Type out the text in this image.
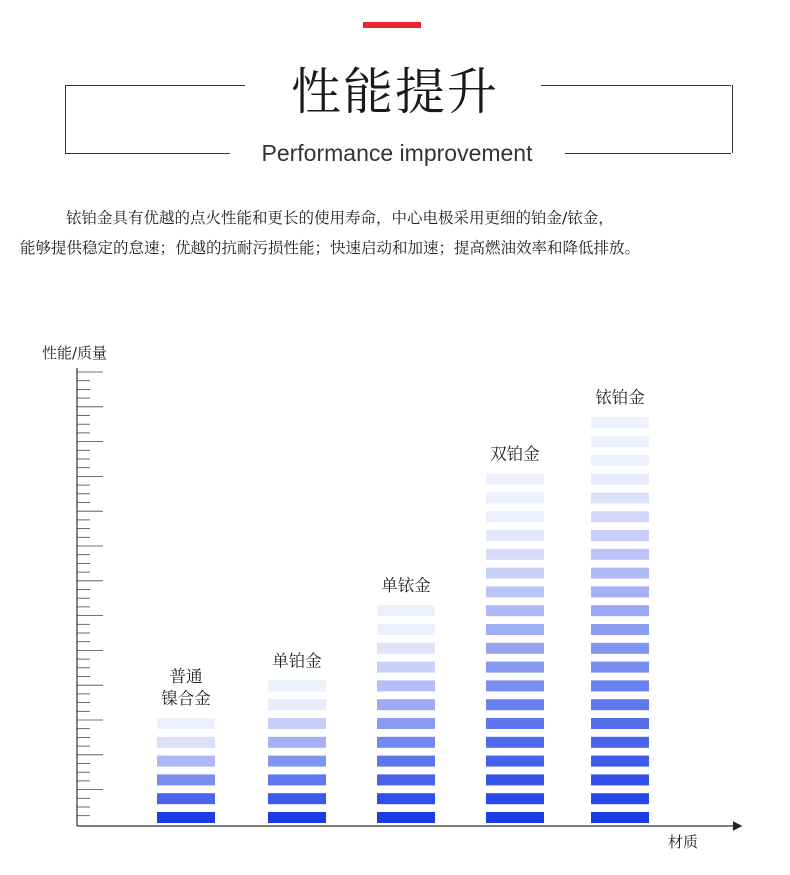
性能提升
Performance improvement

铱铂金具有优越的点火性能和更长的使用寿命，中心电极采用更细的铂金/铱金，

能够提供稳定的怠速；优越的抗耐污损性能；快速启动和加速；提高燃油效率和降低排放。

性能/质量
材质
普通
镍合金
单铂金
单铱金
双铂金
铱铂金
